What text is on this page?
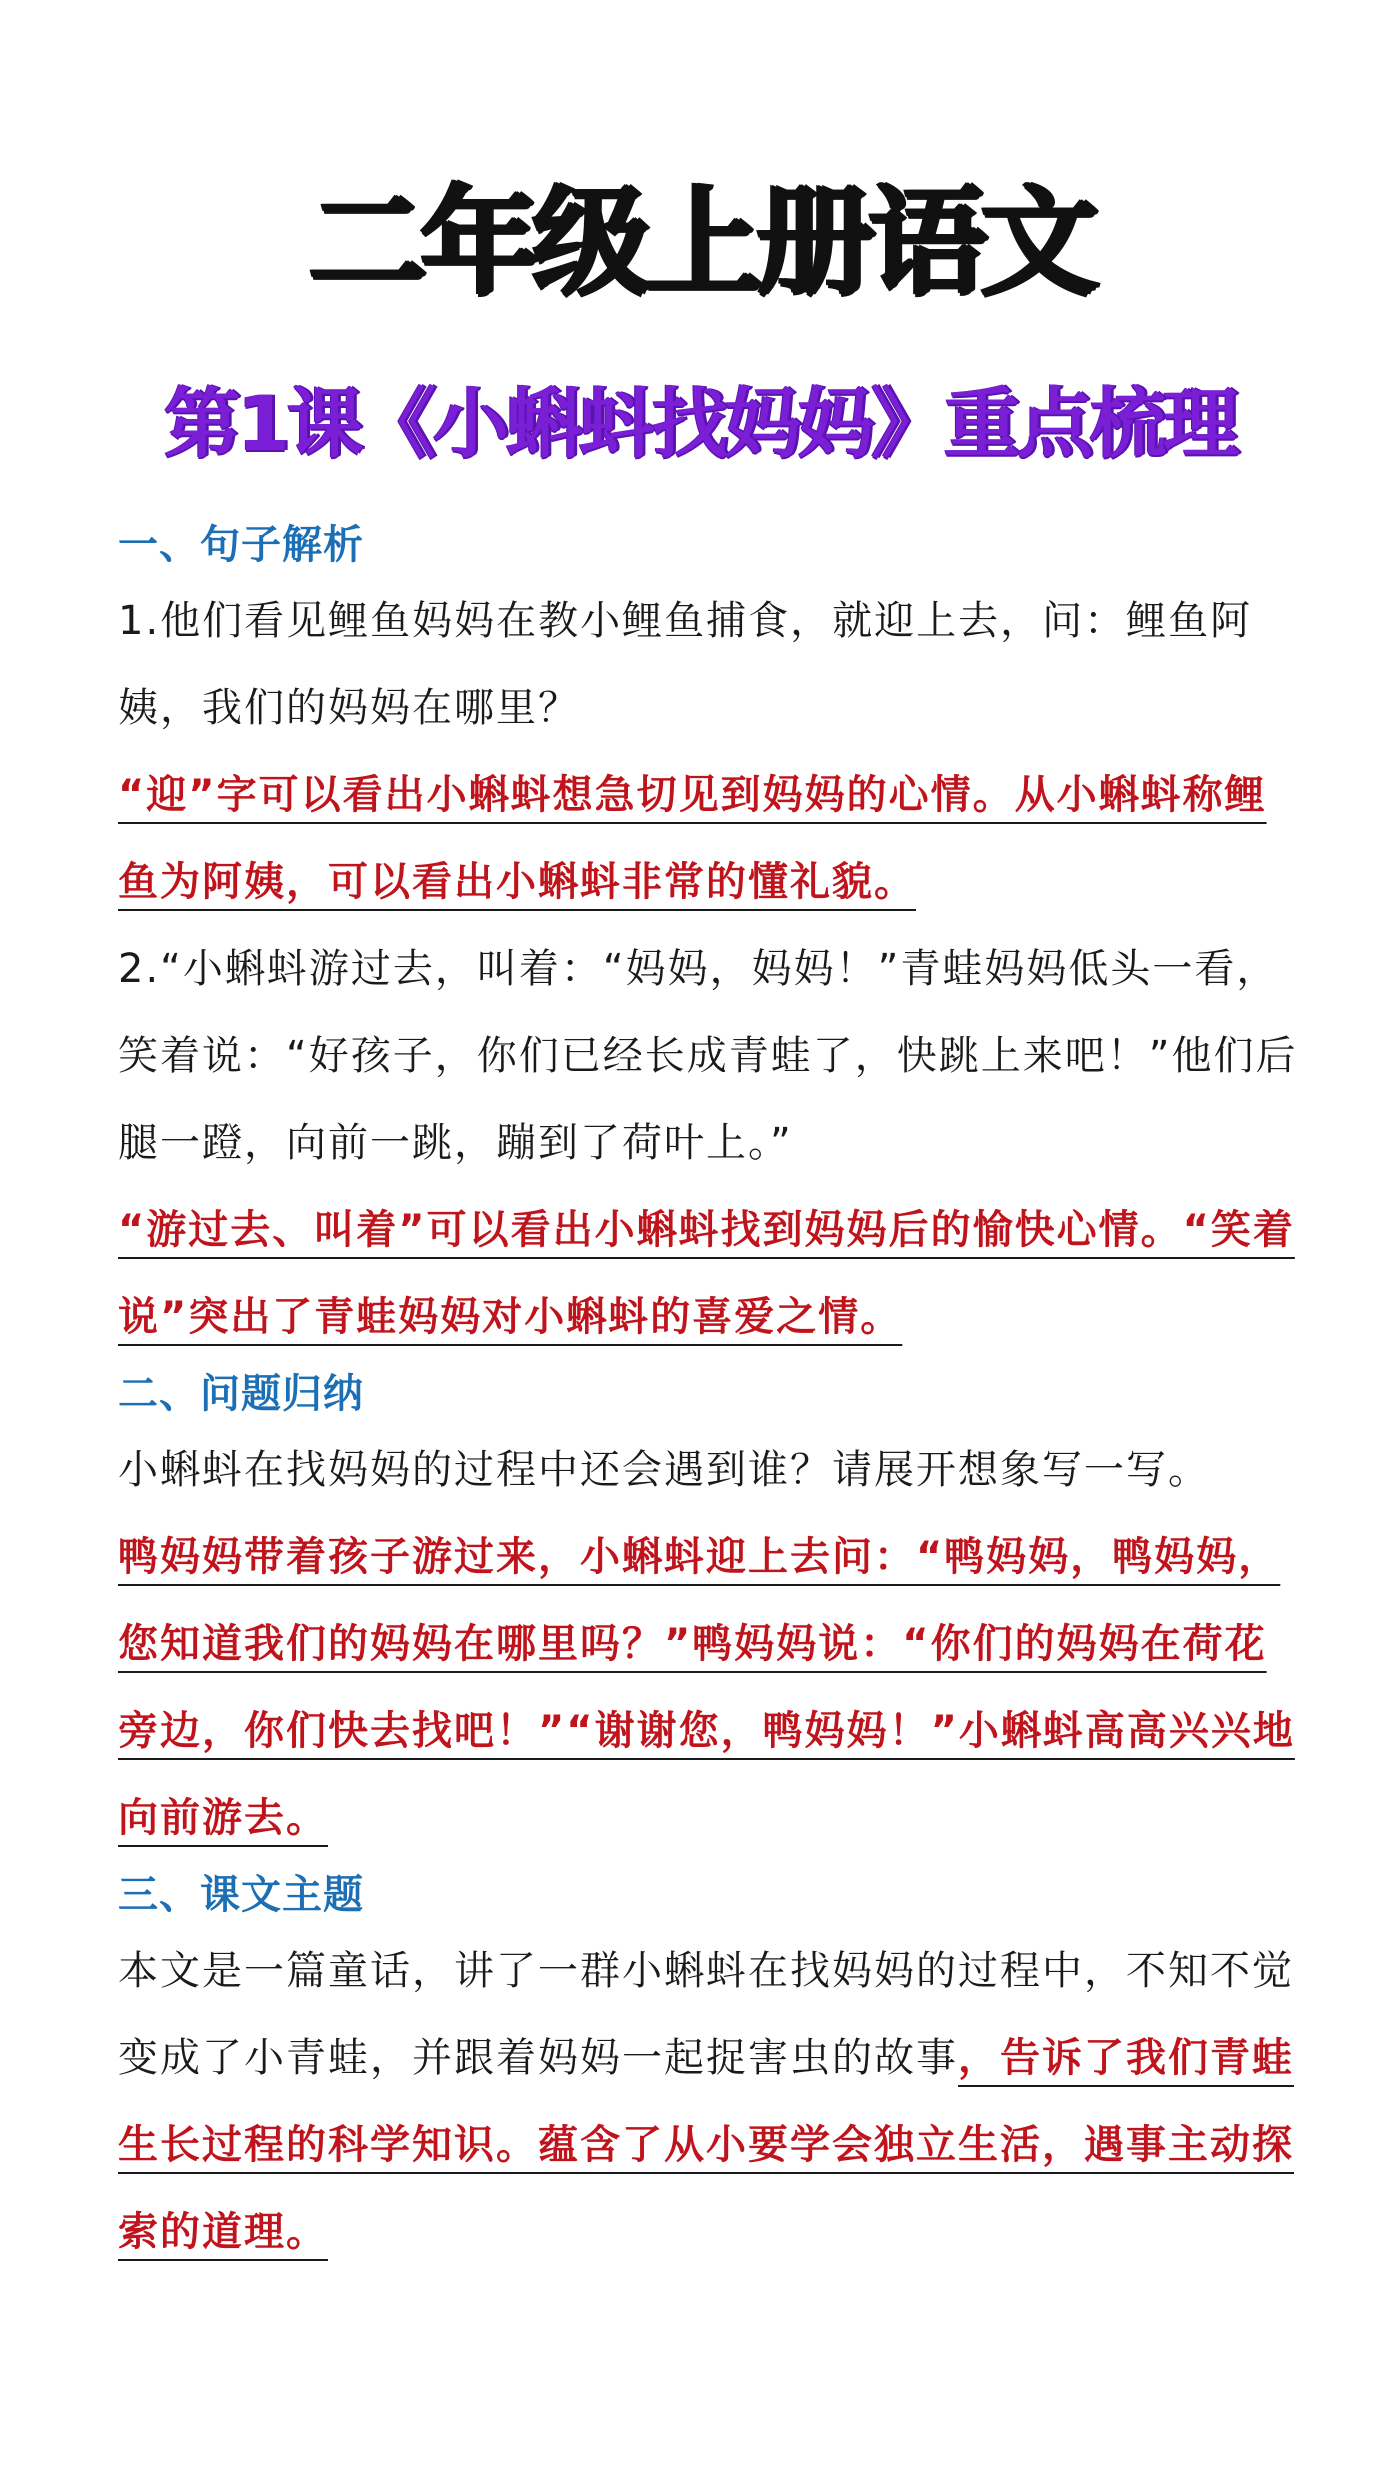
二年级上册语文
第1课《小蝌蚪找妈妈》重点梳理
一、句子解析
1.他们看见鲤鱼妈妈在教小鲤鱼捕食，就迎上去，问：鲤鱼阿姨，我们的妈妈在哪里？
“迎”字可以看出小蝌蚪想急切见到妈妈的心情。从小蝌蚪称鲤鱼为阿姨，可以看出小蝌蚪非常的懂礼貌。
2.“小蝌蚪游过去，叫着：“妈妈，妈妈！”青蛙妈妈低头一看，笑着说：“好孩子，你们已经长成青蛙了，快跳上来吧！”他们后腿一蹬，向前一跳，蹦到了荷叶上。”
“游过去、叫着”可以看出小蝌蚪找到妈妈后的愉快心情。“笑着说”突出了青蛙妈妈对小蝌蚪的喜爱之情。
二、问题归纳
小蝌蚪在找妈妈的过程中还会遇到谁？请展开想象写一写。
鸭妈妈带着孩子游过来，小蝌蚪迎上去问：“鸭妈妈，鸭妈妈，您知道我们的妈妈在哪里吗？”鸭妈妈说：“你们的妈妈在荷花旁边，你们快去找吧！”“谢谢您，鸭妈妈！”小蝌蚪高高兴兴地向前游去。
三、课文主题
本文是一篇童话，讲了一群小蝌蚪在找妈妈的过程中，不知不觉变成了小青蛙，并跟着妈妈一起捉害虫的故事，告诉了我们青蛙生长过程的科学知识。蕴含了从小要学会独立生活，遇事主动探索的道理。
